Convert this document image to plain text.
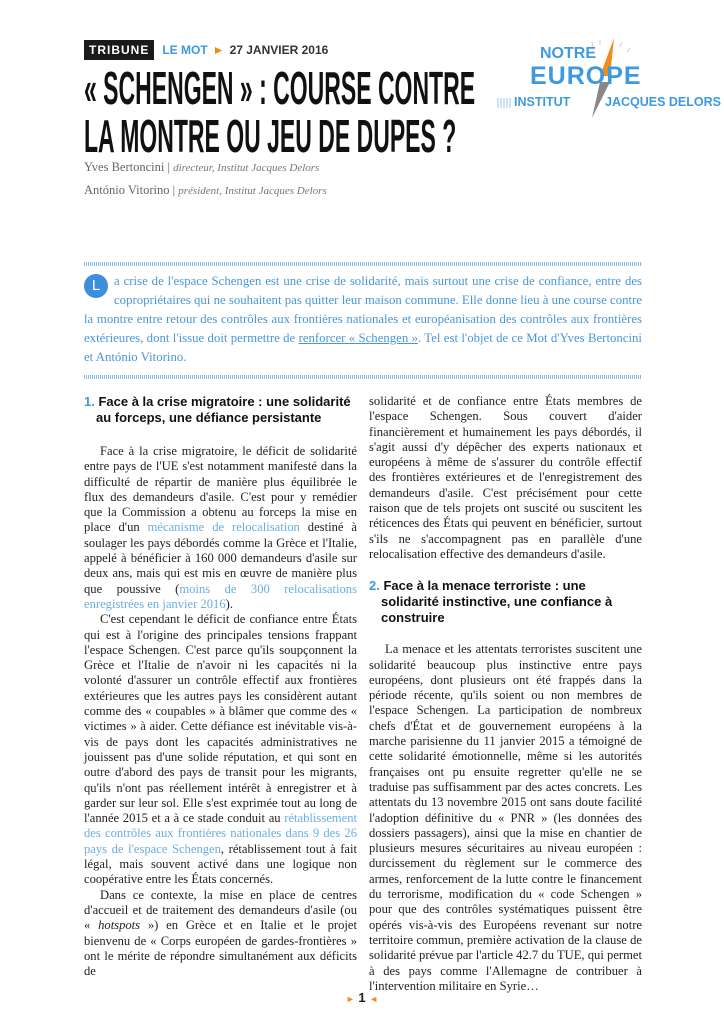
TRIBUNE	LE MOT ► 27 JANVIER 2016
« SCHENGEN » : COURSE CONTRE
LA MONTRE OU JEU DE DUPES ?
NOTRE
EUROPE
INSTITUT	JACQUES DELORS
Yves Bertoncini | directeur, Institut Jacques Delors
António Vitorino | président, Institut Jacques Delors
L	a crise de l'espace Schengen est une crise de solidarité, mais surtout une crise de confiance, entre des copropriétaires qui ne souhaitent pas quitter leur maison commune. Elle donne lieu à une course contre la montre entre retour des contrôles aux frontières nationales et européanisation des contrôles aux frontières extérieures, dont l'issue doit permettre de renforcer « Schengen ». Tel est l'objet de ce Mot d'Yves Bertoncini et António Vitorino.
1. Face à la crise migratoire : une solidarité au forceps, une défiance persistante

Face à la crise migratoire, le déficit de solidarité entre pays de l'UE s'est notamment manifesté dans la difficulté de répartir de manière plus équilibrée le flux des demandeurs d'asile. C'est pour y remédier que la Commission a obtenu au forceps la mise en place d'un mécanisme de relocalisation destiné à soulager les pays débordés comme la Grèce et l'Italie, appelé à bénéficier à 160 000 demandeurs d'asile sur deux ans, mais qui est mis en œuvre de manière plus que poussive (moins de 300 relocalisations enregistrées en janvier 2016).

C'est cependant le déficit de confiance entre États qui est à l'origine des principales tensions frappant l'espace Schengen. C'est parce qu'ils soupçonnent la Grèce et l'Italie de n'avoir ni les capacités ni la volonté d'assurer un contrôle effectif aux frontières extérieures que les autres pays les considèrent autant comme des « coupables » à blâmer que comme des « victimes » à aider. Cette défiance est inévitable vis-à-vis de pays dont les capacités administratives ne jouissent pas d'une solide réputation, et qui sont en outre d'abord des pays de transit pour les migrants, qu'ils n'ont pas réellement intérêt à enregistrer et à garder sur leur sol. Elle s'est exprimée tout au long de l'année 2015 et a à ce stade conduit au rétablissement des contrôles aux frontières nationales dans 9 des 26 pays de l'espace Schengen, rétablissement tout à fait légal, mais souvent activé dans une logique non coopérative entre les États concernés.

Dans ce contexte, la mise en place de centres d'accueil et de traitement des demandeurs d'asile (ou « hotspots ») en Grèce et en Italie et le projet bienvenu de « Corps européen de gardes-frontières » ont le mérite de répondre simultanément aux déficits de

solidarité et de confiance entre États membres de l'espace Schengen. Sous couvert d'aider financièrement et humainement les pays débordés, il s'agit aussi d'y dépêcher des experts nationaux et européens à même de s'assurer du contrôle effectif des frontières extérieures et de l'enregistrement des demandeurs d'asile. C'est précisément pour cette raison que de tels projets ont suscité ou suscitent les réticences des États qui peuvent en bénéficier, surtout s'ils ne s'accompagnent pas en parallèle d'une relocalisation effective des demandeurs d'asile.

2. Face à la menace terroriste : une solidarité instinctive, une confiance à construire

La menace et les attentats terroristes suscitent une solidarité beaucoup plus instinctive entre pays européens, dont plusieurs ont été frappés dans la période récente, qu'ils soient ou non membres de l'espace Schengen. La participation de nombreux chefs d'État et de gouvernement européens à la marche parisienne du 11 janvier 2015 a témoigné de cette solidarité émotionnelle, même si les autorités françaises ont pu ensuite regretter qu'elle ne se traduise pas suffisamment par des actes concrets. Les attentats du 13 novembre 2015 ont sans doute facilité l'adoption définitive du « PNR » (les données des dossiers passagers), ainsi que la mise en chantier de plusieurs mesures sécuritaires au niveau européen : durcissement du règlement sur le commerce des armes, renforcement de la lutte contre le financement du terrorisme, modification du « code Schengen » pour que des contrôles systématiques puissent être opérés vis-à-vis des Européens revenant sur notre territoire commun, première activation de la clause de solidarité prévue par l'article 42.7 du TUE, qui permet à des pays comme l'Allemagne de contribuer à l'intervention militaire en Syrie…

► 1 ◄
